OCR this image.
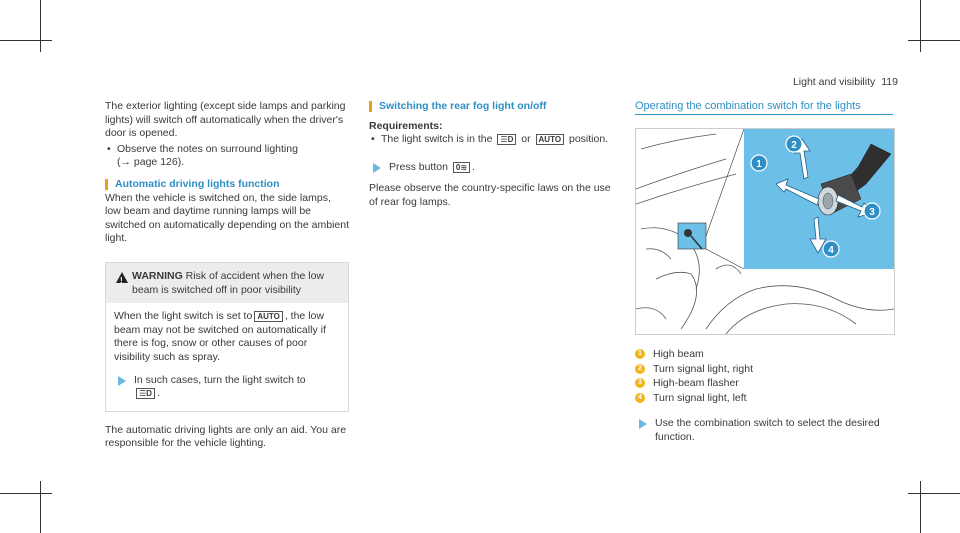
Light and visibility 119

The exterior lighting (except side lamps and parking lights) will switch off automatically when the driver's door is opened.

• Observe the notes on surround lighting
(→ page 126).
Automatic driving lights function

When the vehicle is switched on, the side lamps, low beam and daytime running lamps will be switched on automatically depending on the ambient light.

!
WARNING Risk of accident when the low beam is switched off in poor visibility

When the light switch is set to AUTO , the low beam may not be switched on automatically if there is fog, snow or other causes of poor visibility such as spray.

In such cases, turn the light switch to
☰D .

The automatic driving lights are only an aid. You are responsible for the vehicle lighting.

Switching the rear fog light on/off

Requirements:

• The light switch is in the ☰D or AUTO position.
Press button 0≋ .

Please observe the country-specific laws on the use of rear fog lamps.

Operating the combination switch for the lights
1
2
3
4
1 High beam
2 Turn signal light, right
3 High-beam flasher
4 Turn signal light, left
Use the combination switch to select the desired function.
